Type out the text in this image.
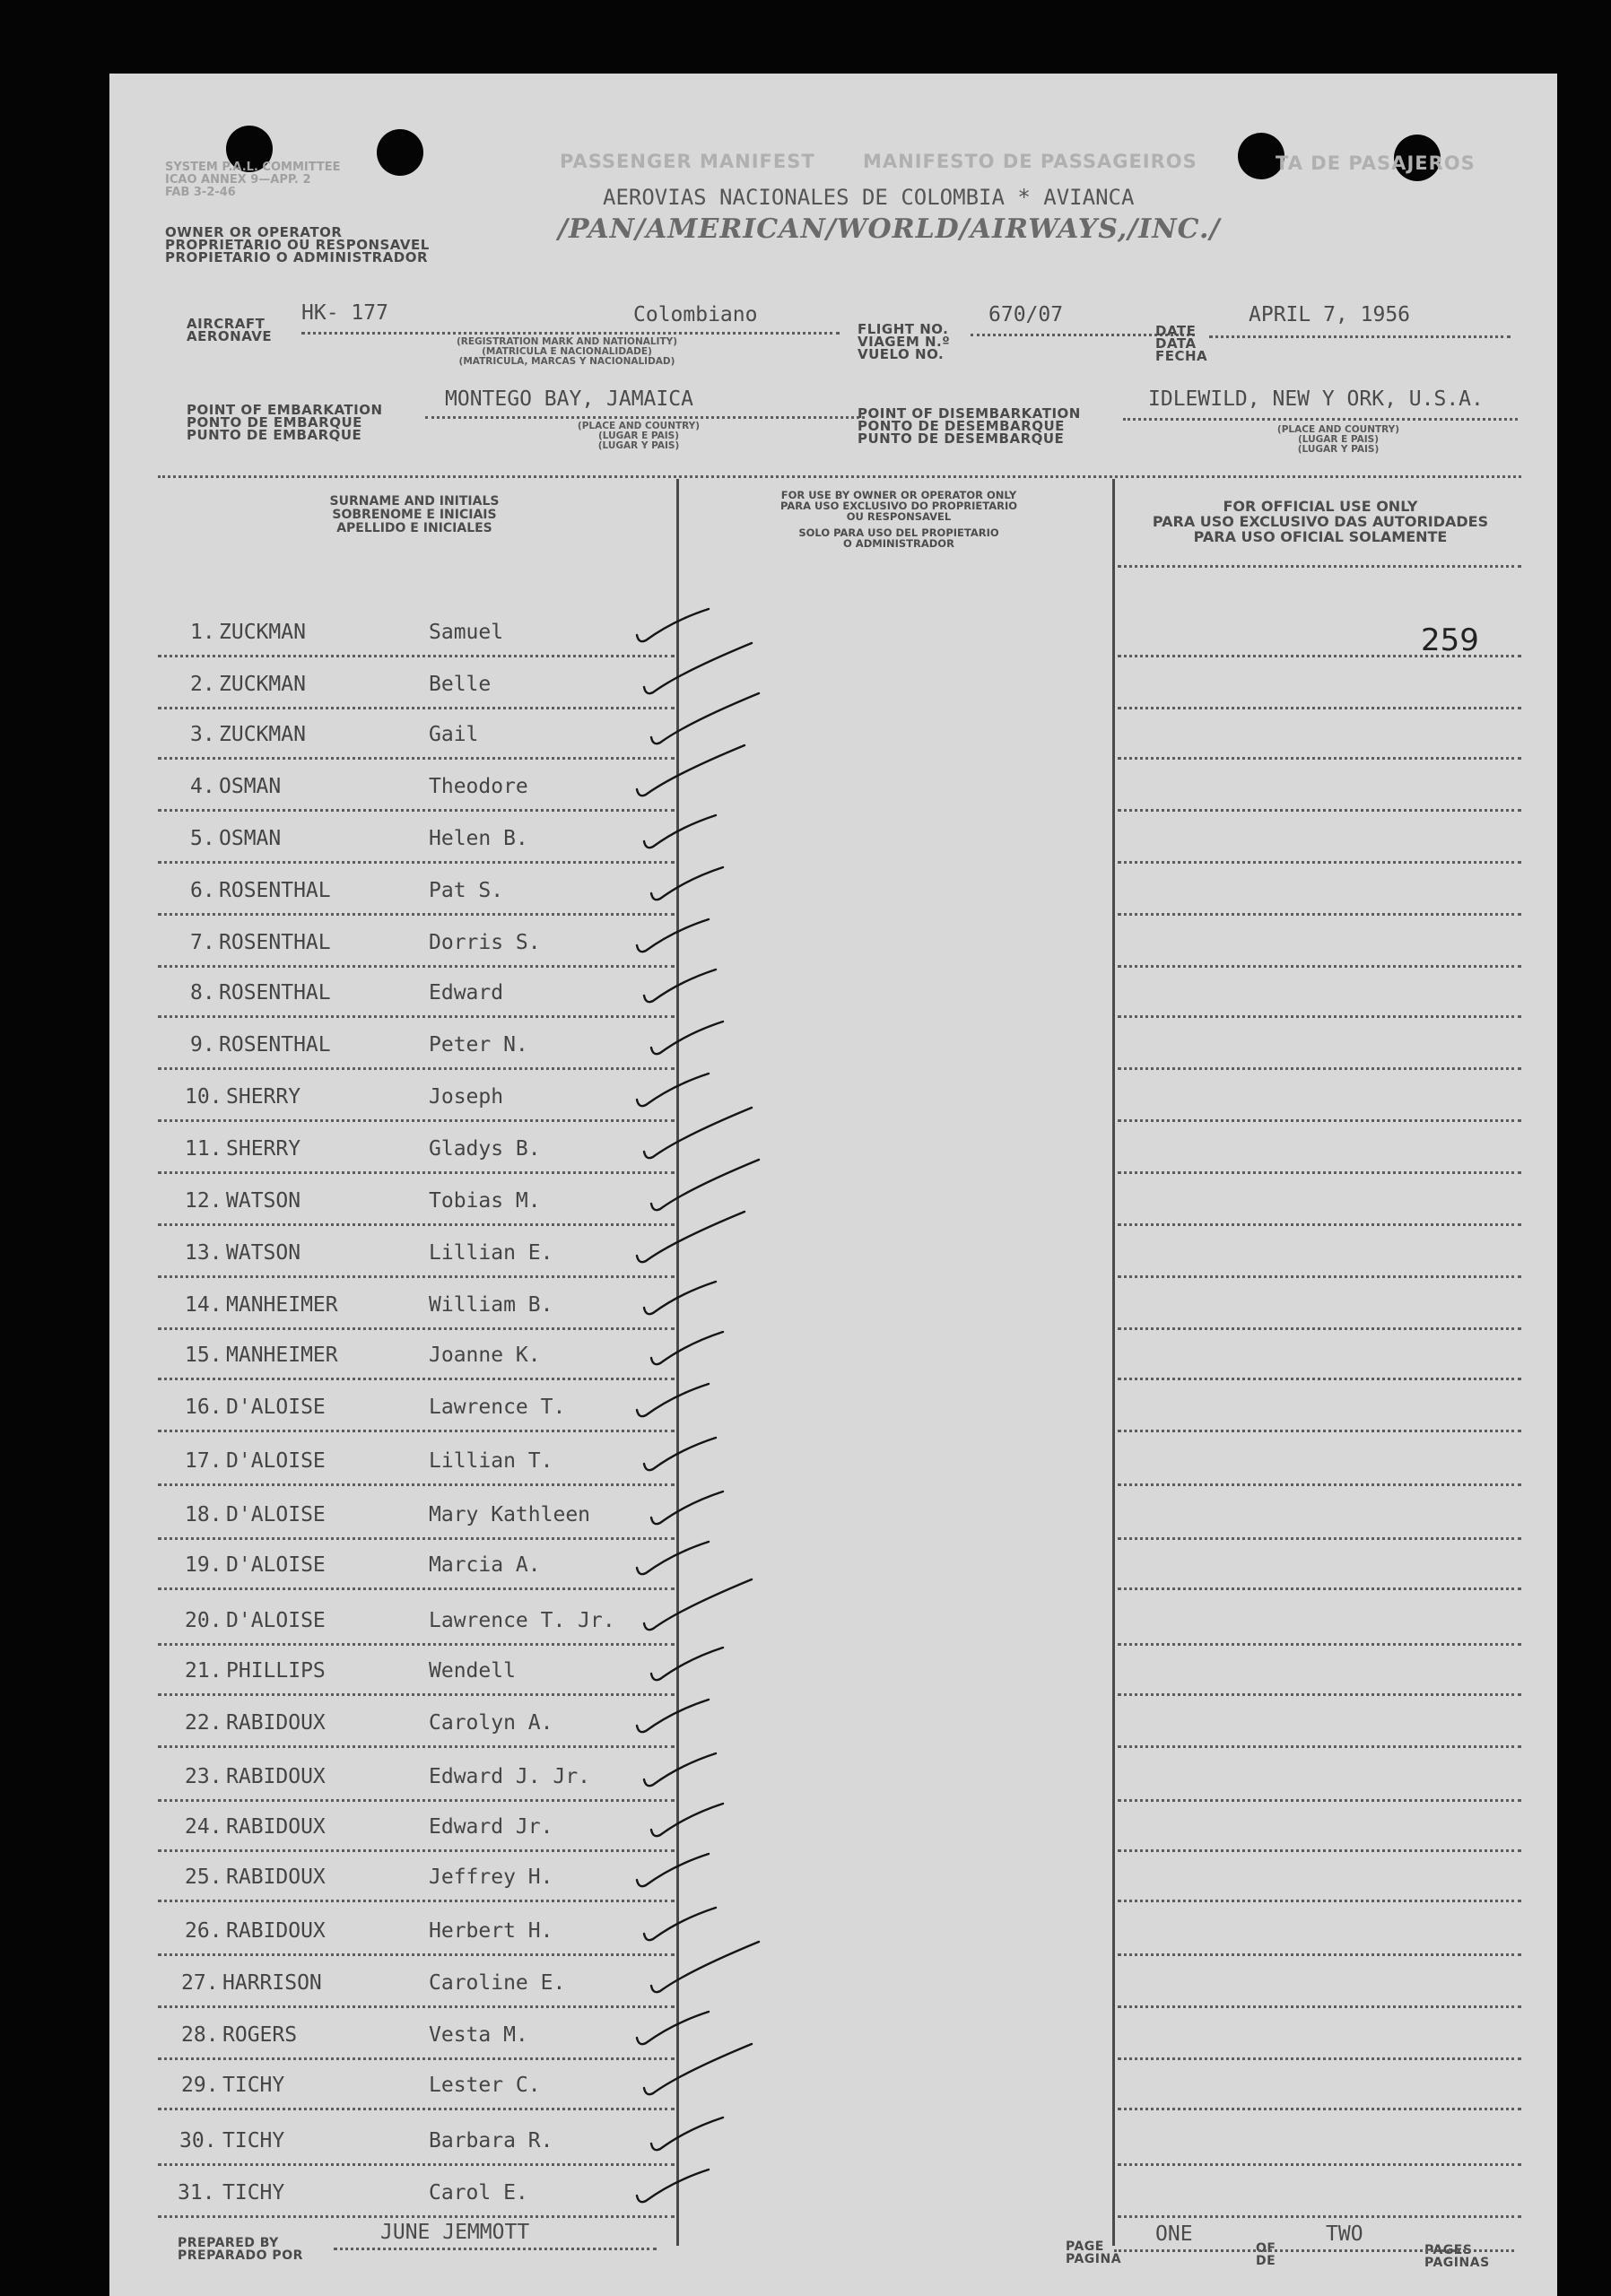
SYSTEM P.A.L. COMMITTEE
ICAO ANNEX 9—APP. 2
FAB 3-2-46
OWNER OR OPERATOR
PROPRIETARIO OU RESPONSAVEL
PROPIETARIO O ADMINISTRADOR
PASSENGER MANIFEST	MANIFESTO DE PASSAGEIROS	TA DE PASAJEROS
AEROVIAS NACIONALES DE COLOMBIA * AVIANCA
/PAN/AMERICAN/WORLD/AIRWAYS,/INC./
AIRCRAFT
AERONAVE
HK- 177	Colombiano
(REGISTRATION MARK AND NATIONALITY)
(MATRICULA E NACIONALIDADE)
(MATRICULA, MARCAS Y NACIONALIDAD)
FLIGHT NO.
VIAGEM N.º
VUELO NO.
670/07
DATE
DATA
FECHA
APRIL 7, 1956
POINT OF EMBARKATION
PONTO DE EMBARQUE
PUNTO DE EMBARQUE
MONTEGO BAY, JAMAICA
(PLACE AND COUNTRY)
(LUGAR E PAIS)
(LUGAR Y PAIS)
POINT OF DISEMBARKATION
PONTO DE DESEMBARQUE
PUNTO DE DESEMBARQUE
IDLEWILD, NEW Y ORK, U.S.A.
(PLACE AND COUNTRY)
(LUGAR E PAIS)
(LUGAR Y PAIS)
SURNAME AND INITIALS
SOBRENOME E INICIAIS
APELLIDO E INICIALES
FOR USE BY OWNER OR OPERATOR ONLY
PARA USO EXCLUSIVO DO PROPRIETARIO
OU RESPONSAVEL
SOLO PARA USO DEL PROPIETARIO
O ADMINISTRADOR
FOR OFFICIAL USE ONLY
PARA USO EXCLUSIVO DAS AUTORIDADES
PARA USO OFICIAL SOLAMENTE
259
1. ZUCKMAN	Samuel
2. ZUCKMAN	Belle
3. ZUCKMAN	Gail
4. OSMAN	Theodore
5. OSMAN	Helen B.
6. ROSENTHAL	Pat S.
7. ROSENTHAL	Dorris S.
8. ROSENTHAL	Edward
9. ROSENTHAL	Peter N.
10. SHERRY	Joseph
11. SHERRY	Gladys B.
12. WATSON	Tobias M.
13. WATSON	Lillian E.
14. MANHEIMER	William B.
15. MANHEIMER	Joanne K.
16. D'ALOISE	Lawrence T.
17. D'ALOISE	Lillian T.
18. D'ALOISE	Mary Kathleen
19. D'ALOISE	Marcia A.
20. D'ALOISE	Lawrence T. Jr.
21. PHILLIPS	Wendell
22. RABIDOUX	Carolyn A.
23. RABIDOUX	Edward J. Jr.
24. RABIDOUX	Edward Jr.
25. RABIDOUX	Jeffrey H.
26. RABIDOUX	Herbert H.
27. HARRISON	Caroline E.
28. ROGERS	Vesta M.
29. TICHY	Lester C.
30. TICHY	Barbara R.
31. TICHY	Carol E.
PREPARED BY
PREPARADO POR
JUNE JEMMOTT
PAGE
PAGINA
ONE
OF
DE
TWO
PAGES
PAGINAS
